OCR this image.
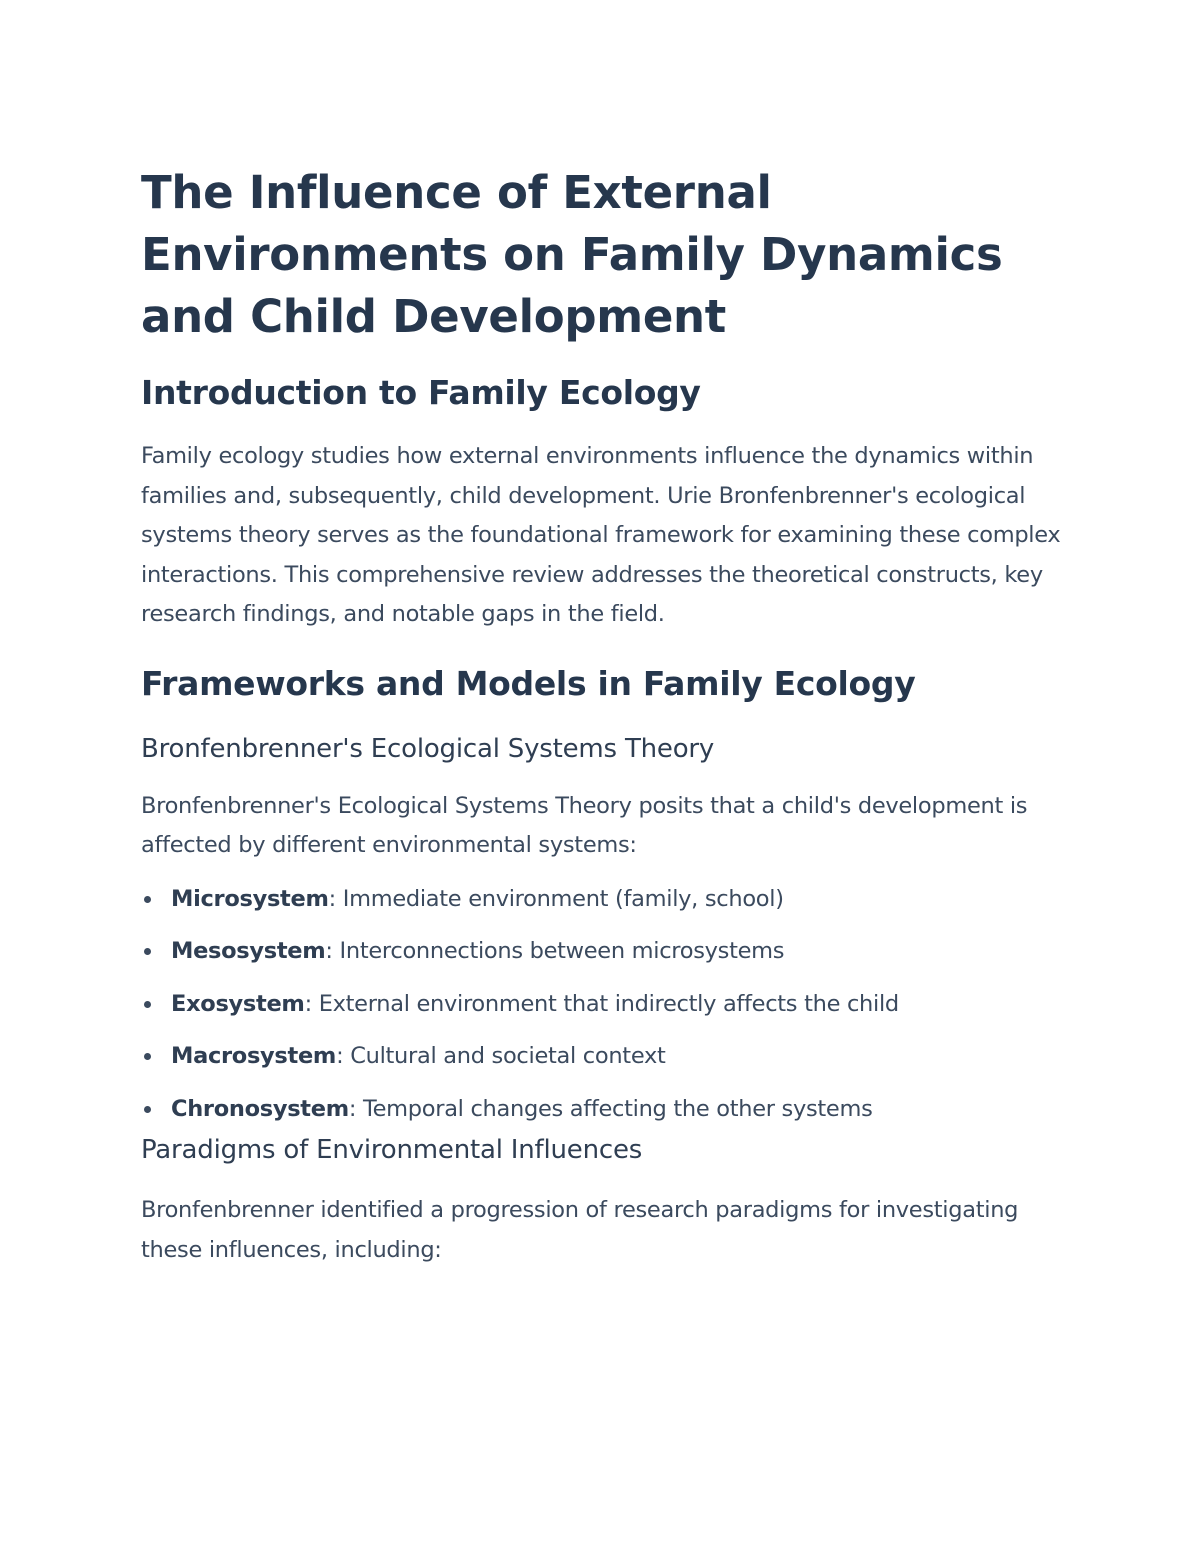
The Influence of External Environments on Family Dynamics and Child Development
Introduction to Family Ecology

Family ecology studies how external environments influence the dynamics within families and, subsequently, child development. Urie Bronfenbrenner's ecological systems theory serves as the foundational framework for examining these complex interactions. This comprehensive review addresses the theoretical constructs, key research findings, and notable gaps in the field.

Frameworks and Models in Family Ecology
Bronfenbrenner's Ecological Systems Theory

Bronfenbrenner's Ecological Systems Theory posits that a child's development is affected by different environmental systems:

Microsystem: Immediate environment (family, school)
Mesosystem: Interconnections between microsystems
Exosystem: External environment that indirectly affects the child
Macrosystem: Cultural and societal context
Chronosystem: Temporal changes affecting the other systems
Paradigms of Environmental Influences

Bronfenbrenner identified a progression of research paradigms for investigating these influences, including:
